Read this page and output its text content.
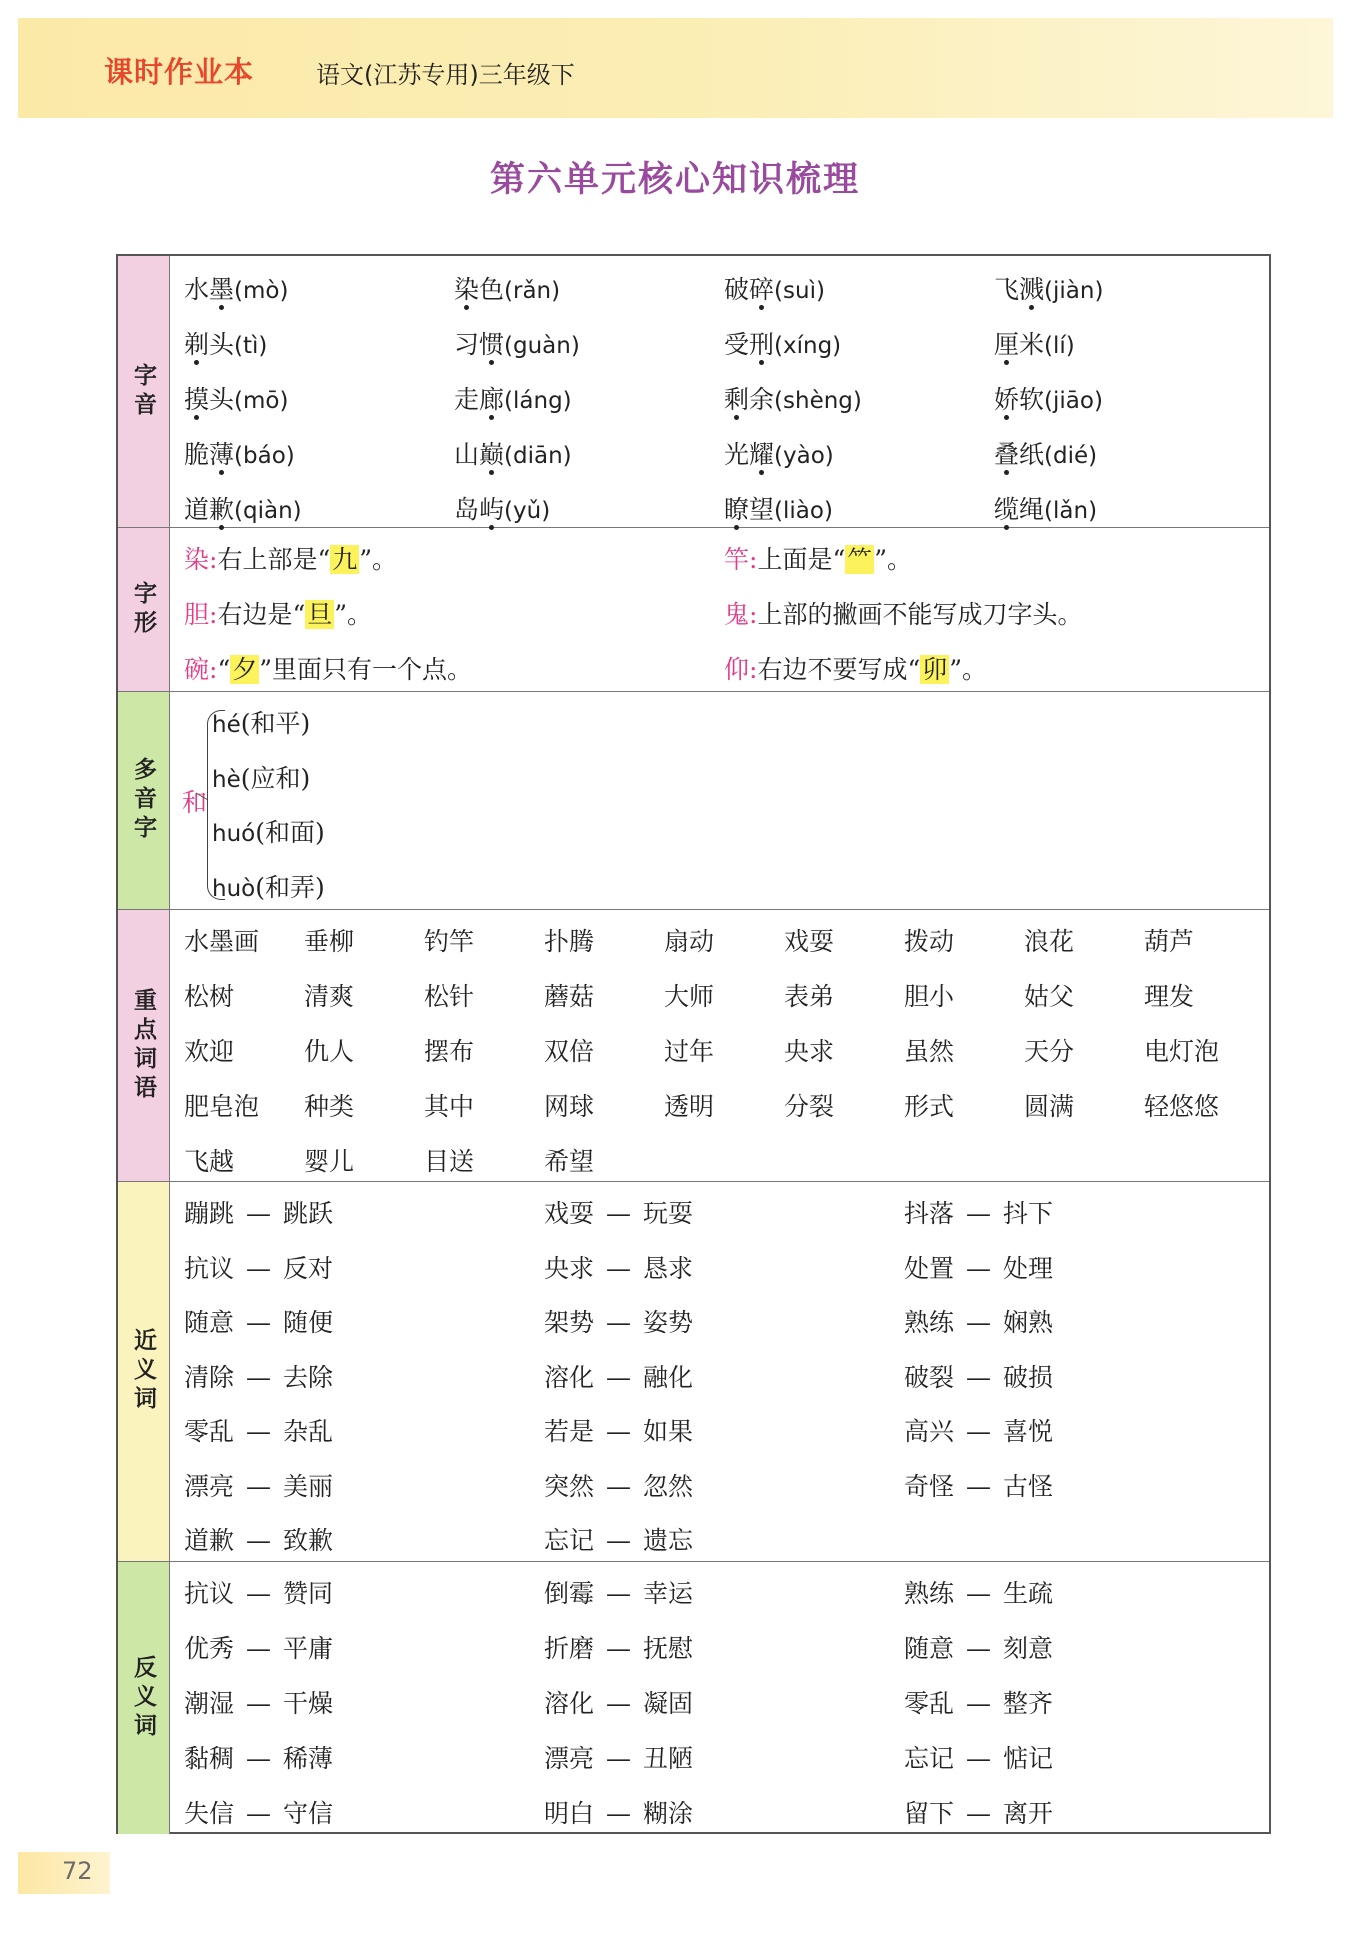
课时作业本	语文(江苏专用)三年级下
第六单元核心知识梳理
字音
水墨(mò)	染色(rǎn)	破碎(suì)	飞溅(jiàn)
剃头(tì)	习惯(guàn)	受刑(xíng)	厘米(lí)
摸头(mō)	走廊(láng)	剩余(shèng)	娇软(jiāo)
脆薄(báo)	山巅(diān)	光耀(yào)	叠纸(dié)
道歉(qiàn)	岛屿(yǔ)	瞭望(liào)	缆绳(lǎn)
字形
染:右上部是“九”。	竿:上面是“⺮”。
胆:右边是“旦”。	鬼:上部的撇画不能写成刀字头。
碗:“夕”里面只有一个点。	仰:右边不要写成“卯”。
多音字 和
hé(和平)
hè(应和)
huó(和面)
huò(和弄)
重点词语
水墨画 垂柳	钓竿	扑腾	扇动	戏耍	拨动	浪花	葫芦
松树	清爽	松针	蘑菇	大师	表弟	胆小	姑父	理发
欢迎	仇人	摆布	双倍	过年	央求	虽然	天分	电灯泡
肥皂泡 种类	其中	网球	透明	分裂	形式	圆满	轻悠悠
飞越	婴儿	目送	希望
近义词
蹦跳 — 跳跃	戏耍 — 玩耍	抖落 — 抖下
抗议 — 反对	央求 — 恳求	处置 — 处理
随意 — 随便	架势 — 姿势	熟练 — 娴熟
清除 — 去除	溶化 — 融化	破裂 — 破损
零乱 — 杂乱	若是 — 如果	高兴 — 喜悦
漂亮 — 美丽	突然 — 忽然	奇怪 — 古怪
道歉 — 致歉	忘记 — 遗忘
反义词
抗议 — 赞同	倒霉 — 幸运	熟练 — 生疏
优秀 — 平庸	折磨 — 抚慰	随意 — 刻意
潮湿 — 干燥	溶化 — 凝固	零乱 — 整齐
黏稠 — 稀薄	漂亮 — 丑陋	忘记 — 惦记
失信 — 守信	明白 — 糊涂	留下 — 离开
72
